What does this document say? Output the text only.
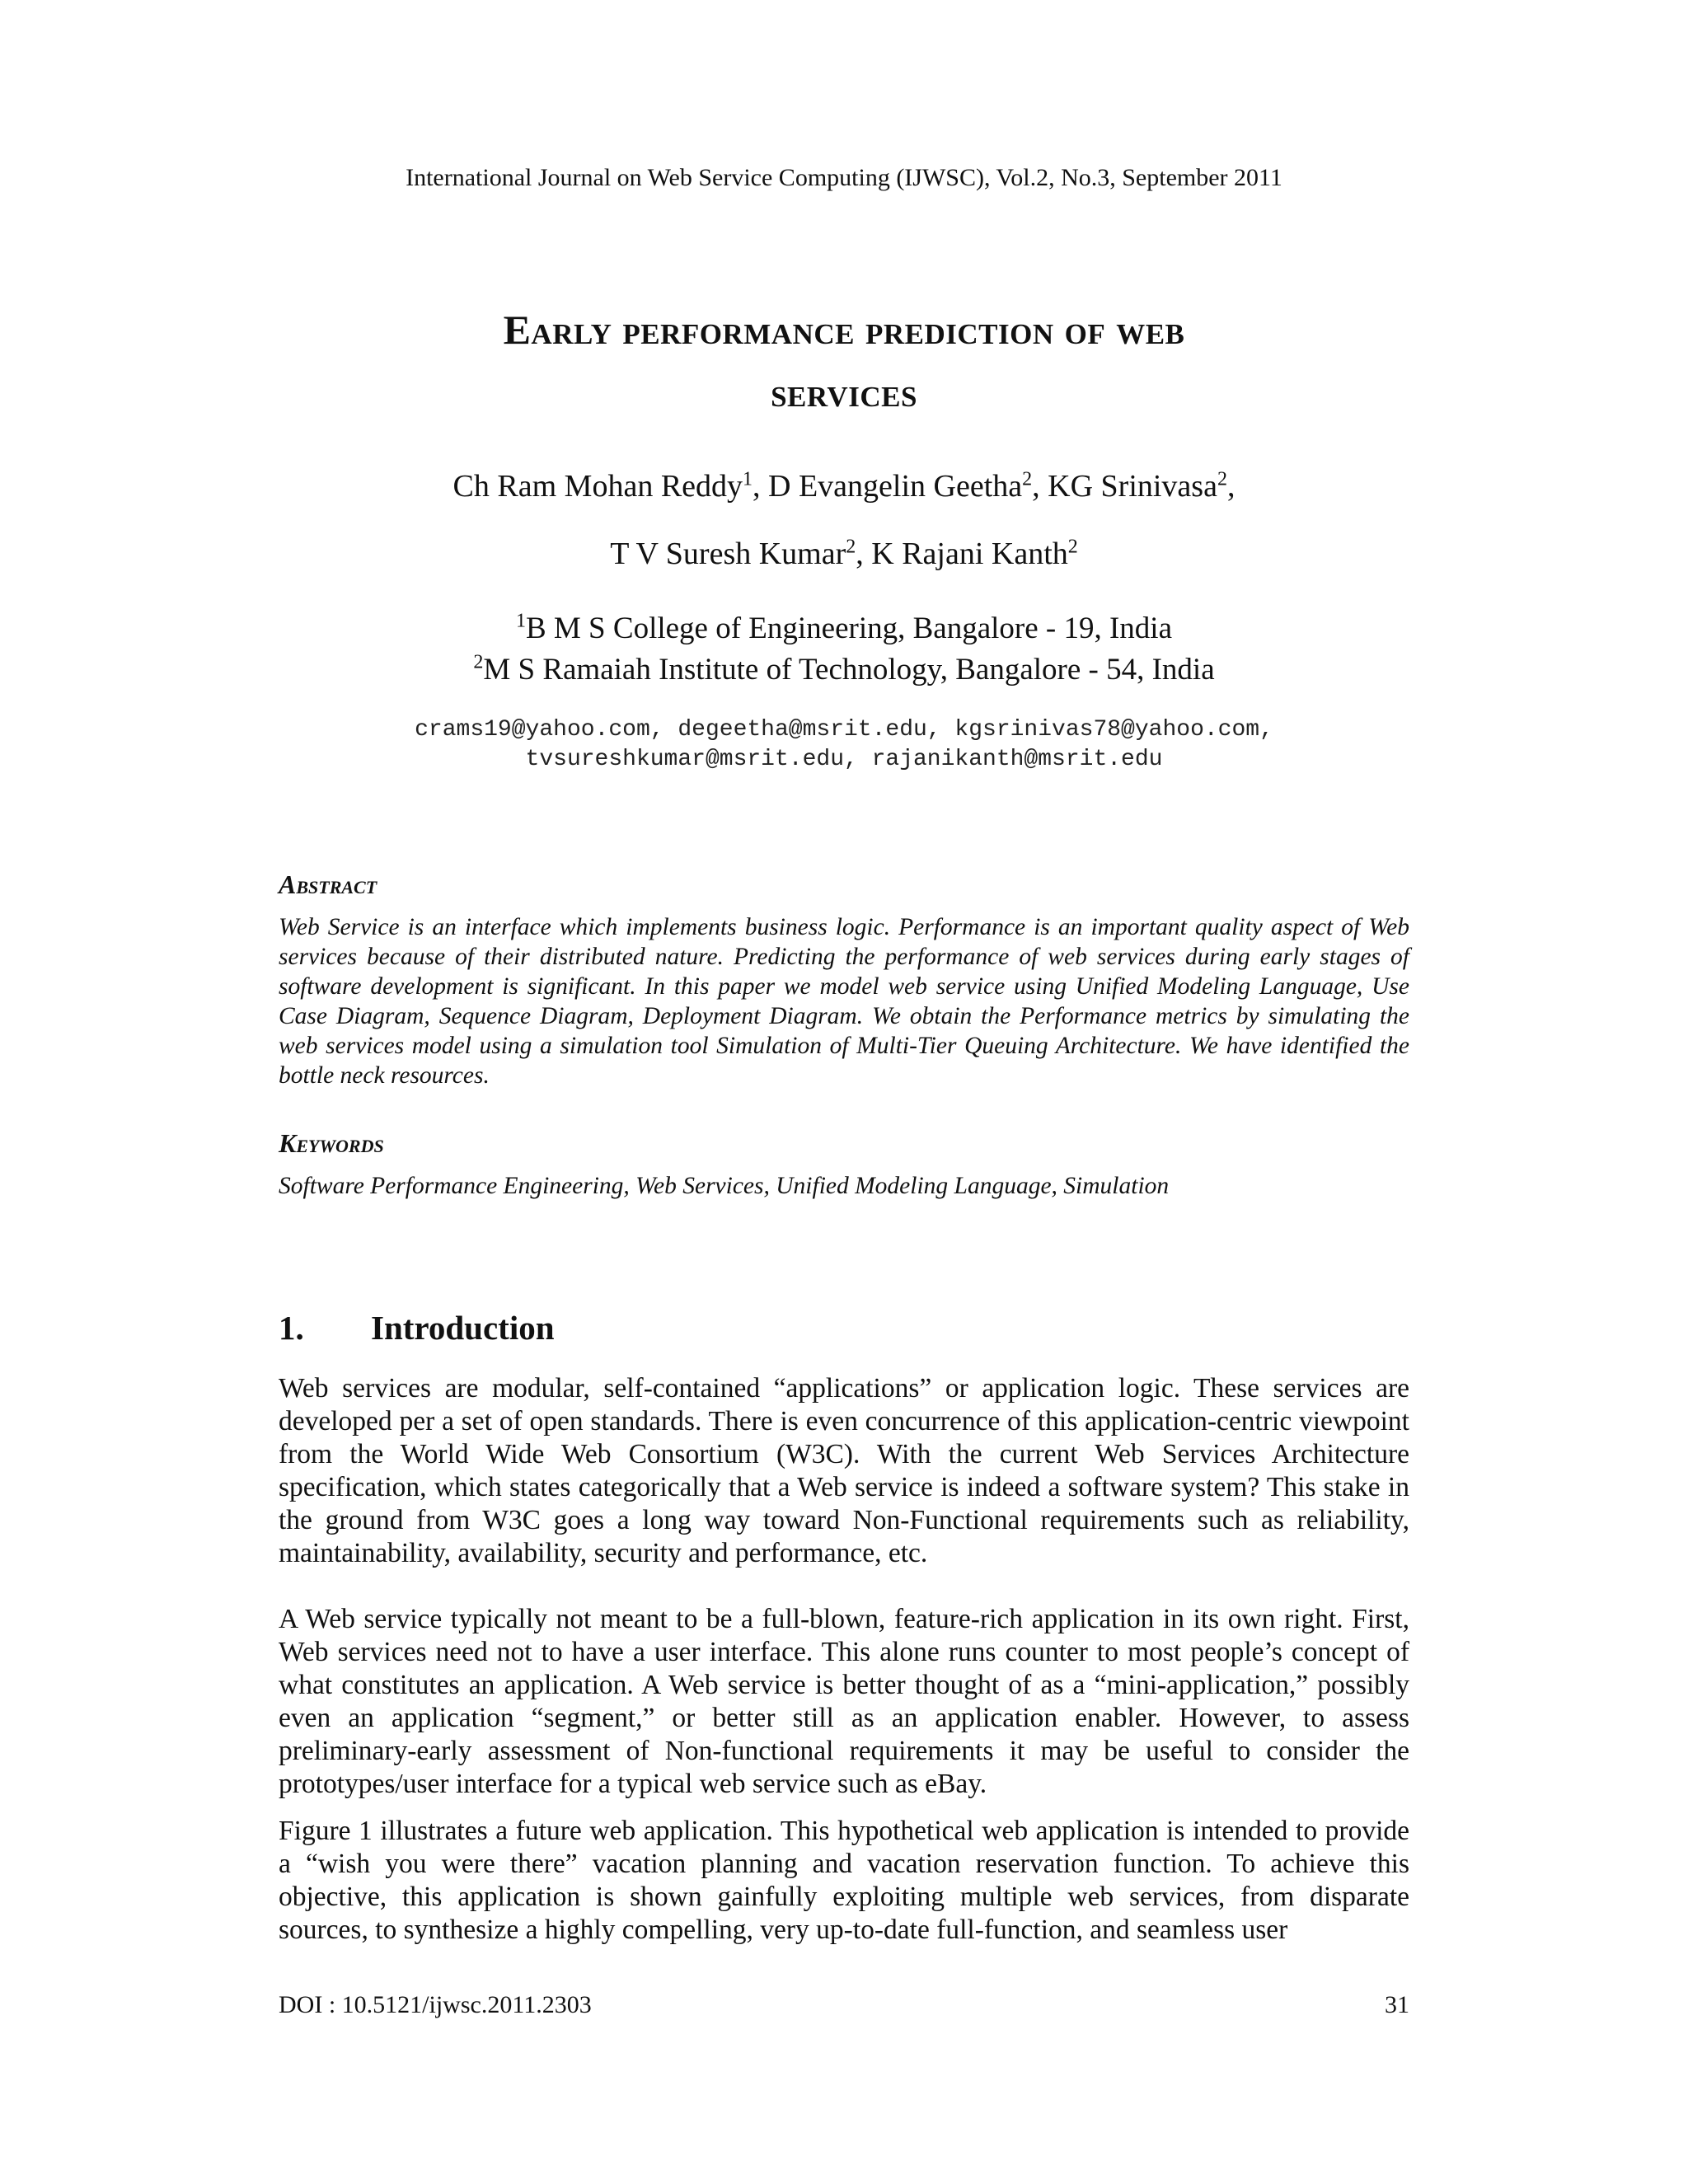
International Journal on Web Service Computing (IJWSC), Vol.2, No.3, September 2011
Early performance prediction of web
services
Ch Ram Mohan Reddy$^1$, D Evangelin Geetha$^2$, KG Srinivasa$^2$,
T V Suresh Kumar$^2$, K Rajani Kanth$^2$
$^1$B M S College of Engineering, Bangalore - 19, India
$^2$M S Ramaiah Institute of Technology, Bangalore - 54, India
crams19@yahoo.com, degeetha@msrit.edu, kgsrinivas78@yahoo.com,
tvsureshkumar@msrit.edu, rajanikanth@msrit.edu
Abstract
Web Service is an interface which implements business logic. Performance is an important quality aspect of Web services because of their distributed nature. Predicting the performance of web services during early stages of software development is significant. In this paper we model web service using Unified Modeling Language, Use Case Diagram, Sequence Diagram, Deployment Diagram. We obtain the Performance metrics by simulating the web services model using a simulation tool Simulation of Multi-Tier Queuing Architecture. We have identified the bottle neck resources.
Keywords
Software Performance Engineering, Web Services, Unified Modeling Language, Simulation
1. Introduction
Web services are modular, self-contained “applications” or application logic. These services are developed per a set of open standards. There is even concurrence of this application-centric viewpoint from the World Wide Web Consortium (W3C). With the current Web Services Architecture specification, which states categorically that a Web service is indeed a software system? This stake in the ground from W3C goes a long way toward Non-Functional requirements such as reliability, maintainability, availability, security and performance, etc.
A Web service typically not meant to be a full-blown, feature-rich application in its own right. First, Web services need not to have a user interface. This alone runs counter to most people’s concept of what constitutes an application. A Web service is better thought of as a “mini-application,” possibly even an application “segment,” or better still as an application enabler. However, to assess preliminary-early assessment of Non-functional requirements it may be useful to consider the prototypes/user interface for a typical web service such as eBay.
Figure 1 illustrates a future web application. This hypothetical web application is intended to provide a “wish you were there” vacation planning and vacation reservation function. To achieve this objective, this application is shown gainfully exploiting multiple web services, from disparate sources, to synthesize a highly compelling, very up-to-date full-function, and seamless user
DOI : 10.5121/ijwsc.2011.2303	31
